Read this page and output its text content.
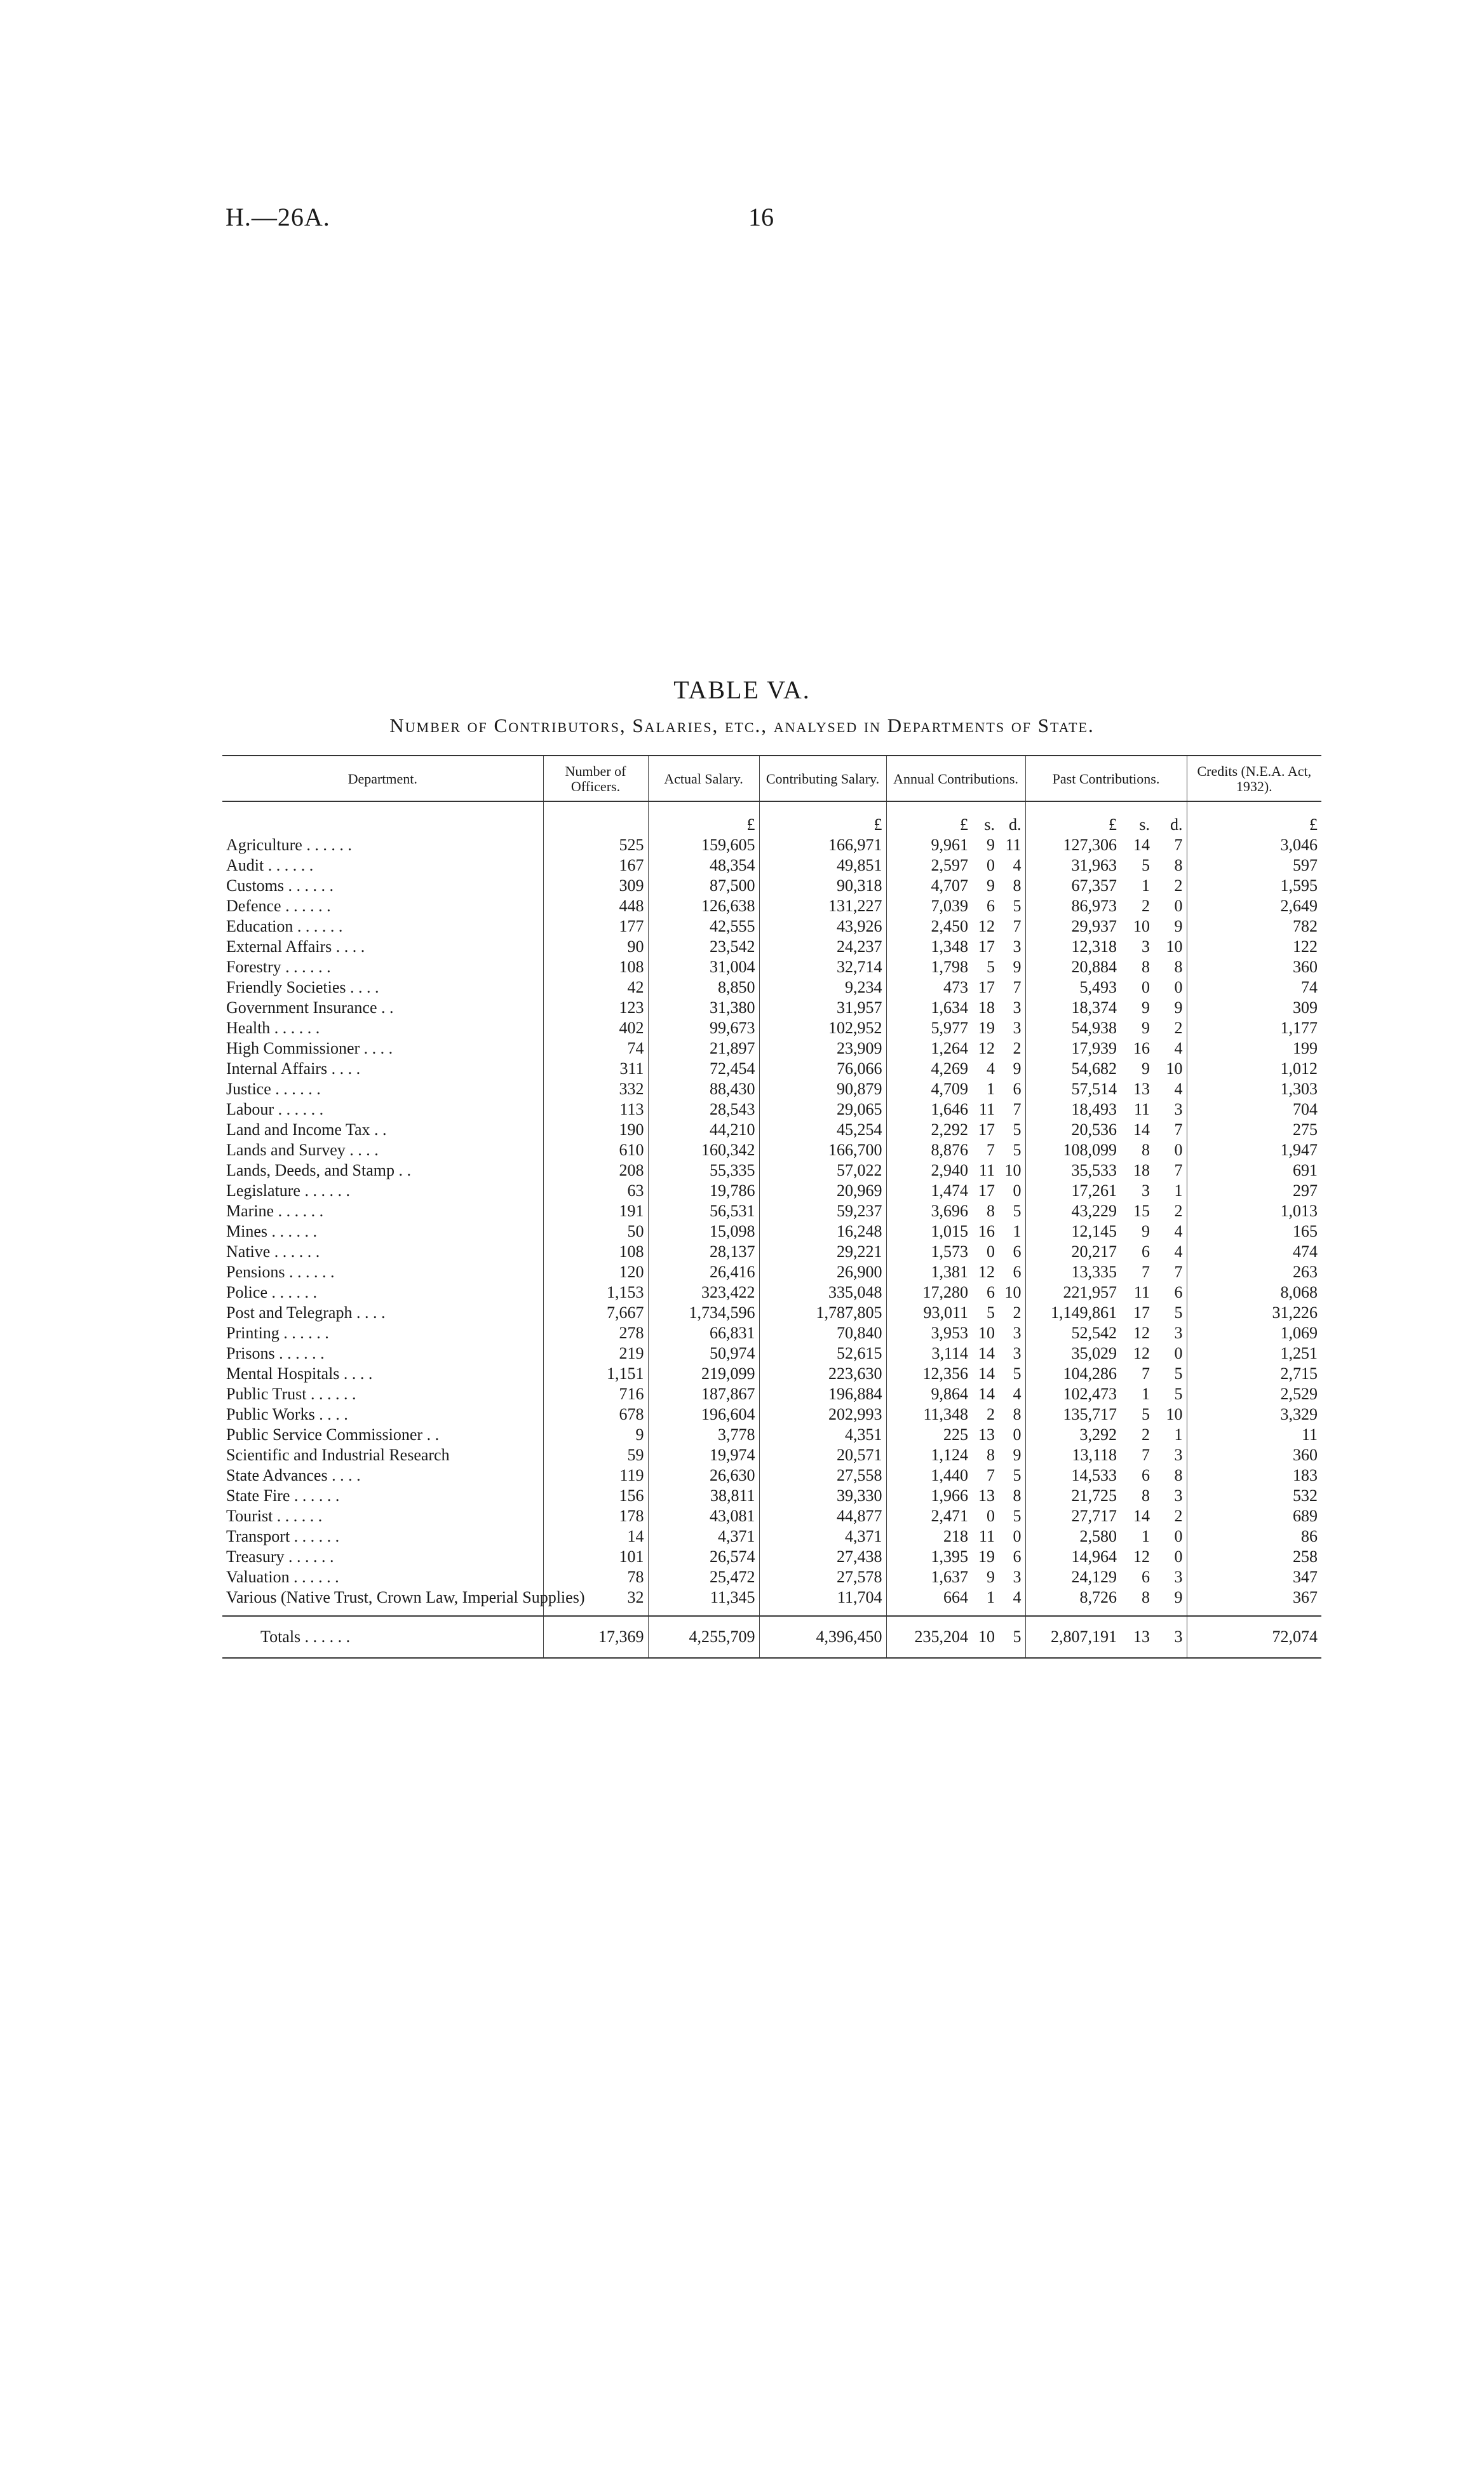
H.—26A.	16
TABLE VA.
Number of Contributors, Salaries, etc., analysed in Departments of State.
Department.	Number of Officers.	Actual Salary.	Contributing Salary.	Annual Contributions.			Past Contributions.			Credits (N.E.A. Act, 1932).
		£	£	£	s.	d.	£	s.	d.	£
Agriculture . . . . . .	525	159,605	166,971	9,961	9	11	127,306	14	7	3,046
Audit . . . . . .	167	48,354	49,851	2,597	0	4	31,963	5	8	597
Customs . . . . . .	309	87,500	90,318	4,707	9	8	67,357	1	2	1,595
Defence . . . . . .	448	126,638	131,227	7,039	6	5	86,973	2	0	2,649
Education . . . . . .	177	42,555	43,926	2,450	12	7	29,937	10	9	782
External Affairs . . . .	90	23,542	24,237	1,348	17	3	12,318	3	10	122
Forestry . . . . . .	108	31,004	32,714	1,798	5	9	20,884	8	8	360
Friendly Societies . . . .	42	8,850	9,234	473	17	7	5,493	0	0	74
Government Insurance . .	123	31,380	31,957	1,634	18	3	18,374	9	9	309
Health . . . . . .	402	99,673	102,952	5,977	19	3	54,938	9	2	1,177
High Commissioner . . . .	74	21,897	23,909	1,264	12	2	17,939	16	4	199
Internal Affairs . . . .	311	72,454	76,066	4,269	4	9	54,682	9	10	1,012
Justice . . . . . .	332	88,430	90,879	4,709	1	6	57,514	13	4	1,303
Labour . . . . . .	113	28,543	29,065	1,646	11	7	18,493	11	3	704
Land and Income Tax . .	190	44,210	45,254	2,292	17	5	20,536	14	7	275
Lands and Survey . . . .	610	160,342	166,700	8,876	7	5	108,099	8	0	1,947
Lands, Deeds, and Stamp . .	208	55,335	57,022	2,940	11	10	35,533	18	7	691
Legislature . . . . . .	63	19,786	20,969	1,474	17	0	17,261	3	1	297
Marine . . . . . .	191	56,531	59,237	3,696	8	5	43,229	15	2	1,013
Mines . . . . . .	50	15,098	16,248	1,015	16	1	12,145	9	4	165
Native . . . . . .	108	28,137	29,221	1,573	0	6	20,217	6	4	474
Pensions . . . . . .	120	26,416	26,900	1,381	12	6	13,335	7	7	263
Police . . . . . .	1,153	323,422	335,048	17,280	6	10	221,957	11	6	8,068
Post and Telegraph . . . .	7,667	1,734,596	1,787,805	93,011	5	2	1,149,861	17	5	31,226
Printing . . . . . .	278	66,831	70,840	3,953	10	3	52,542	12	3	1,069
Prisons . . . . . .	219	50,974	52,615	3,114	14	3	35,029	12	0	1,251
Mental Hospitals . . . .	1,151	219,099	223,630	12,356	14	5	104,286	7	5	2,715
Public Trust . . . . . .	716	187,867	196,884	9,864	14	4	102,473	1	5	2,529
Public Works . . . .	678	196,604	202,993	11,348	2	8	135,717	5	10	3,329
Public Service Commissioner . .	9	3,778	4,351	225	13	0	3,292	2	1	11
Scientific and Industrial Research	59	19,974	20,571	1,124	8	9	13,118	7	3	360
State Advances . . . .	119	26,630	27,558	1,440	7	5	14,533	6	8	183
State Fire . . . . . .	156	38,811	39,330	1,966	13	8	21,725	8	3	532
Tourist . . . . . .	178	43,081	44,877	2,471	0	5	27,717	14	2	689
Transport . . . . . .	14	4,371	4,371	218	11	0	2,580	1	0	86
Treasury . . . . . .	101	26,574	27,438	1,395	19	6	14,964	12	0	258
Valuation . . . . . .	78	25,472	27,578	1,637	9	3	24,129	6	3	347
Various (Native Trust, Crown Law, Imperial Supplies)	32	11,345	11,704	664	1	4	8,726	8	9	367

Totals . . . . . .	17,369	4,255,709	4,396,450	235,204	10	5	2,807,191	13	3	72,074
